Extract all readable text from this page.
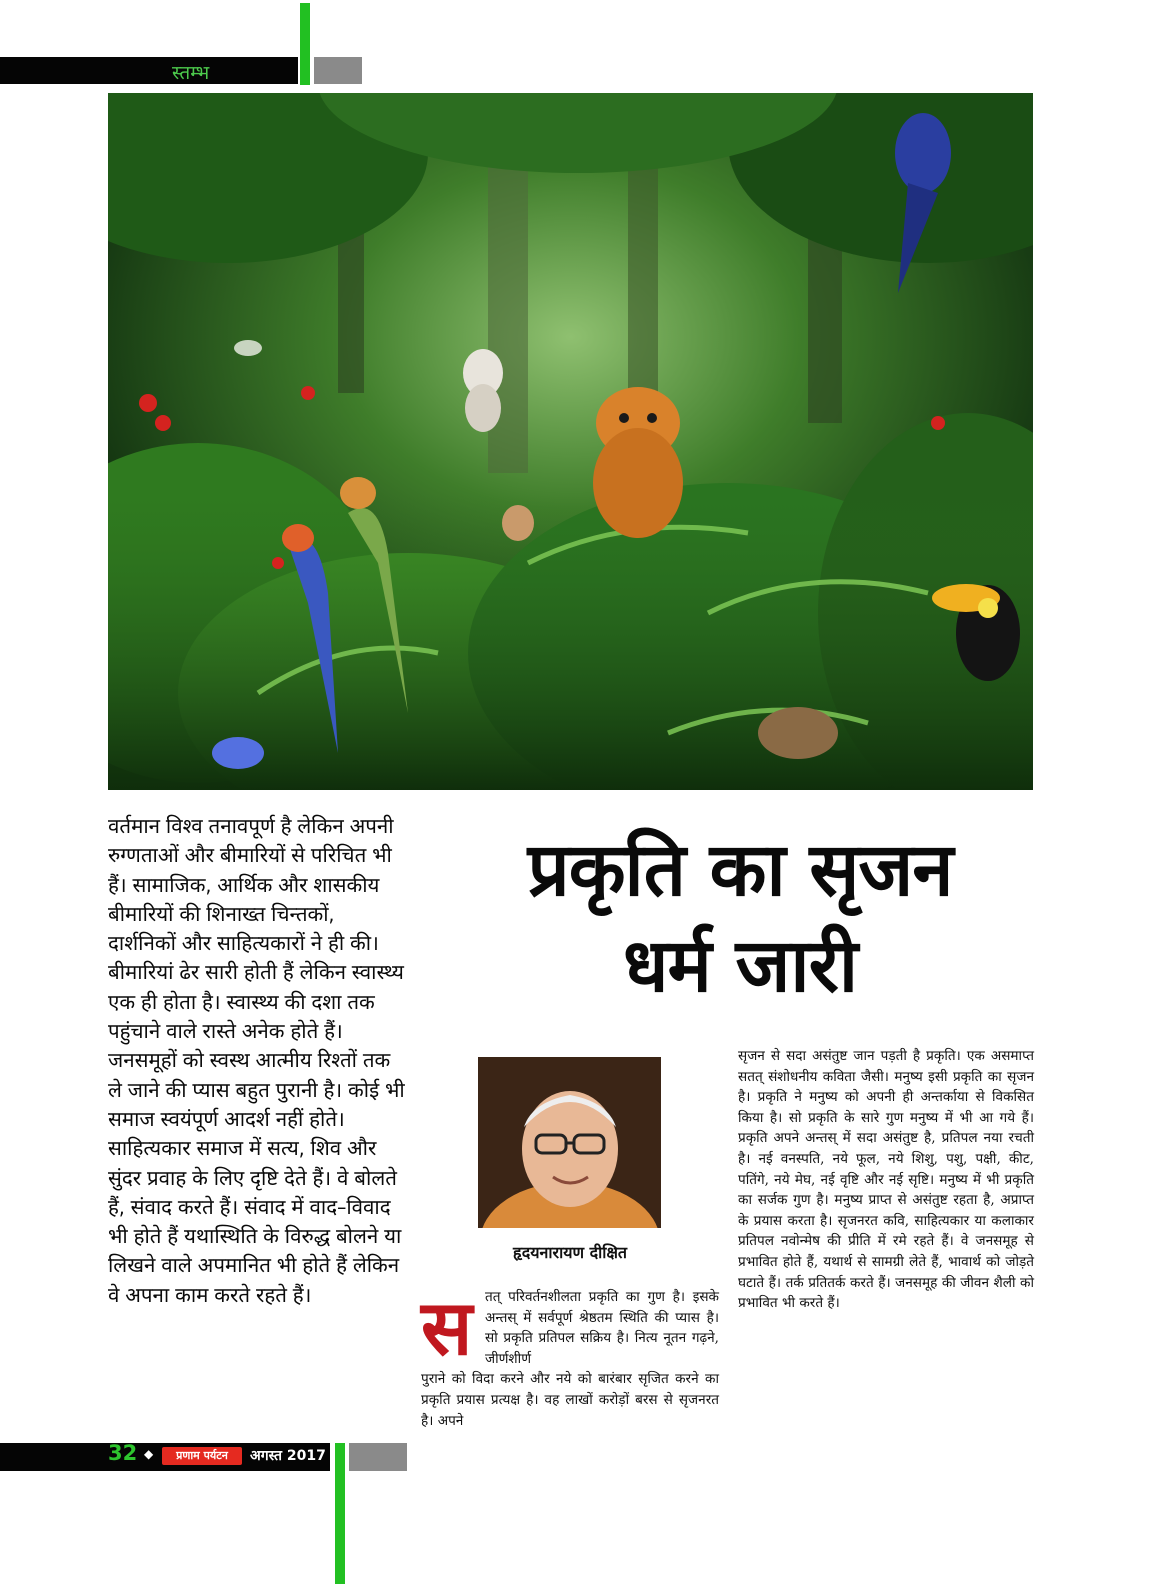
स्तम्भ
वर्तमान विश्व तनावपूर्ण है लेकिन अपनी रुग्णताओं और बीमारियों से परिचित भी हैं। सामाजिक, आर्थिक और शासकीय बीमारियों की शिनाख्त चिन्तकों, दार्शनिकों और साहित्यकारों ने ही की। बीमारियां ढेर सारी होती हैं लेकिन स्वास्थ्य एक ही होता है। स्वास्थ्य की दशा तक पहुंचाने वाले रास्ते अनेक होते हैं। जनसमूहों को स्वस्थ आत्मीय रिश्तों तक ले जाने की प्यास बहुत पुरानी है। कोई भी समाज स्वयंपूर्ण आदर्श नहीं होते। साहित्यकार समाज में सत्य, शिव और सुंदर प्रवाह के लिए दृष्टि देते हैं। वे बोलते हैं, संवाद करते हैं। संवाद में वाद–विवाद भी होते हैं यथास्थिति के विरुद्ध बोलने या लिखने वाले अपमानित भी होते हैं लेकिन वे अपना काम करते रहते हैं।
प्रकृति का सृजन
धर्म जारी
हृदयनारायण दीक्षित
स तत् परिवर्तनशीलता प्रकृति का गुण है। इसके अन्तस् में सर्वपूर्ण श्रेष्ठतम स्थिति की प्यास है। सो प्रकृति प्रतिपल सक्रिय है। नित्य नूतन गढ़ने, जीर्णशीर्ण
पुराने को विदा करने और नये को बारंबार सृजित करने का प्रकृति प्रयास प्रत्यक्ष है। वह लाखों करोड़ों बरस से सृजनरत है। अपने
सृजन से सदा असंतुष्ट जान पड़ती है प्रकृति। एक असमाप्त सतत् संशोधनीय कविता जैसी। मनुष्य इसी प्रकृति का सृजन है। प्रकृति ने मनुष्य को अपनी ही अन्तर्काया से विकसित किया है। सो प्रकृति के सारे गुण मनुष्य में भी आ गये हैं। प्रकृति अपने अन्तस् में सदा असंतुष्ट है, प्रतिपल नया रचती है। नई वनस्पति, नये फूल, नये शिशु, पशु, पक्षी, कीट, पतिंगे, नये मेघ, नई वृष्टि और नई सृष्टि। मनुष्य में भी प्रकृति का सर्जक गुण है। मनुष्य प्राप्त से असंतुष्ट रहता है, अप्राप्त के प्रयास करता है। सृजनरत कवि, साहित्यकार या कलाकार प्रतिपल नवोन्मेष की प्रीति में रमे रहते हैं। वे जनसमूह से प्रभावित होते हैं, यथार्थ से सामग्री लेते हैं, भावार्थ को जोड़ते घटाते हैं। तर्क प्रतितर्क करते हैं। जनसमूह की जीवन शैली को प्रभावित भी करते हैं।
32 ◆	प्रणाम पर्यटन	अगस्त 2017
